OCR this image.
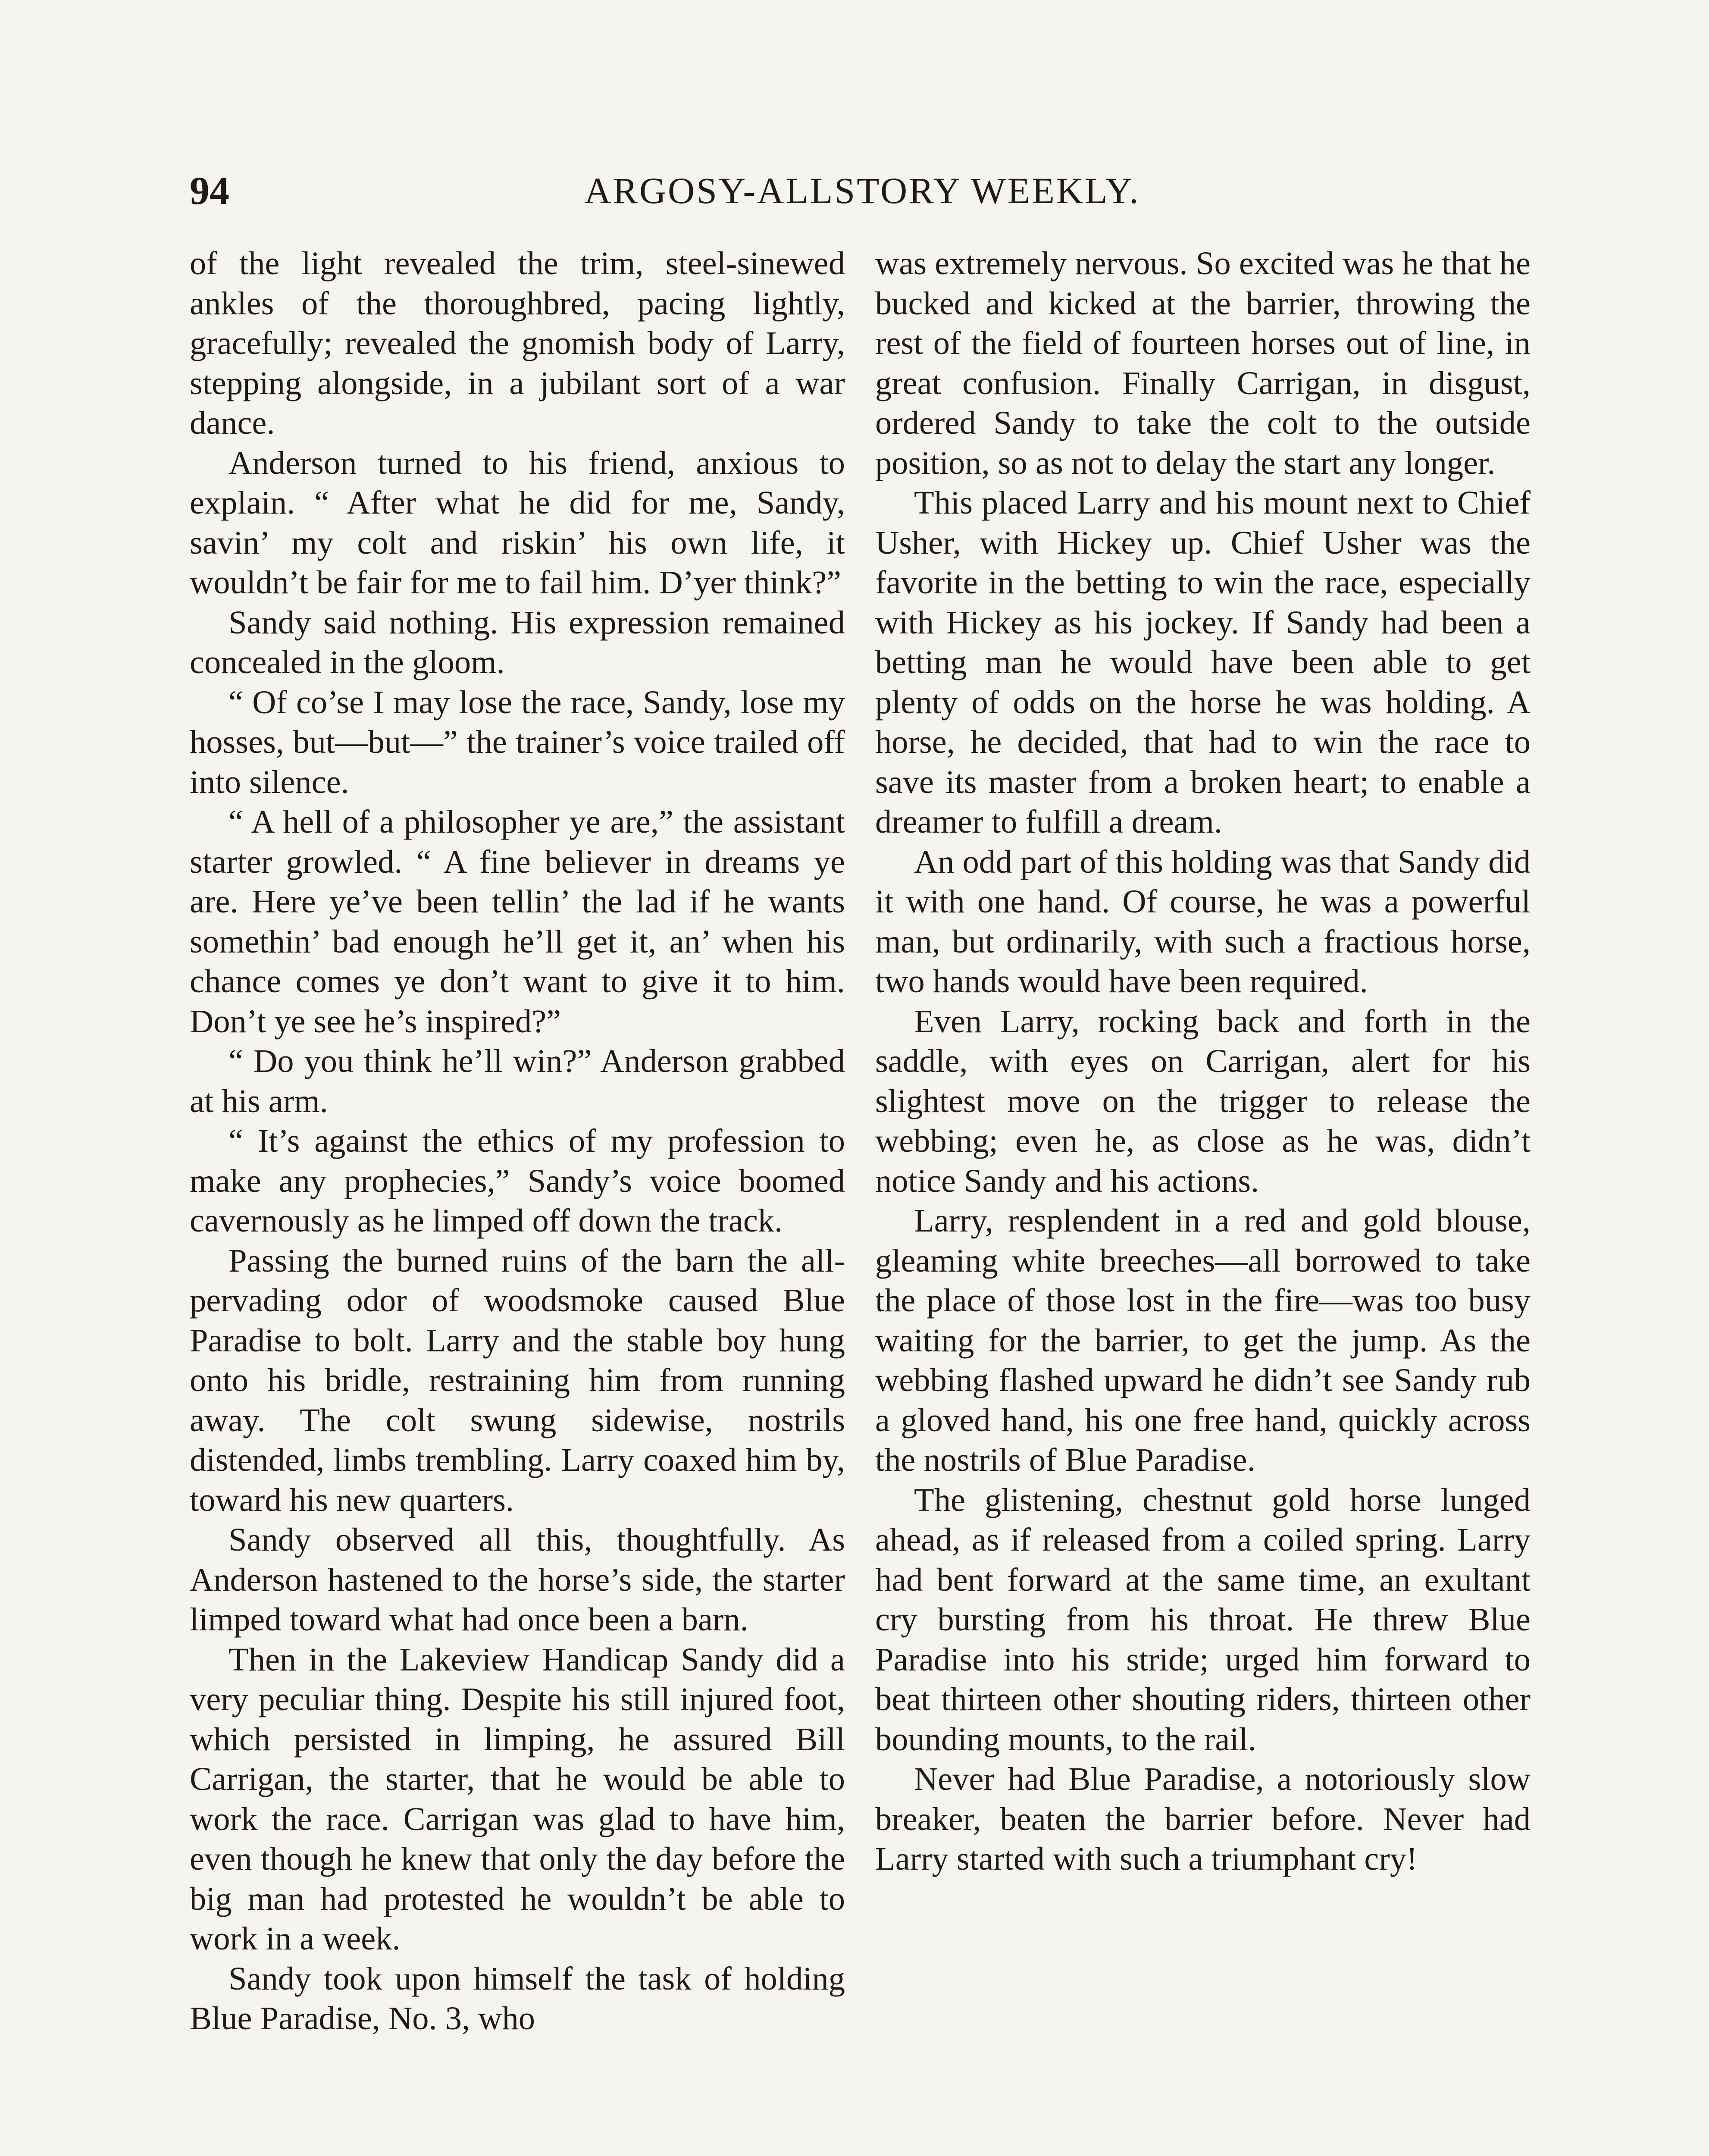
94	ARGOSY-ALLSTORY WEEKLY.

of the light revealed the trim, steel-sinewed ankles of the thoroughbred, pacing lightly, gracefully; revealed the gnomish body of Larry, stepping alongside, in a jubilant sort of a war dance.

Anderson turned to his friend, anxious to explain. “ After what he did for me, Sandy, savin’ my colt and riskin’ his own life, it wouldn’t be fair for me to fail him. D’yer think?”

Sandy said nothing. His expression remained concealed in the gloom.

“ Of co’se I may lose the race, Sandy, lose my hosses, but—but—” the trainer’s voice trailed off into silence.

“ A hell of a philosopher ye are,” the assistant starter growled. “ A fine believer in dreams ye are. Here ye’ve been tellin’ the lad if he wants somethin’ bad enough he’ll get it, an’ when his chance comes ye don’t want to give it to him. Don’t ye see he’s inspired?”

“ Do you think he’ll win?” Anderson grabbed at his arm.

“ It’s against the ethics of my profession to make any prophecies,” Sandy’s voice boomed cavernously as he limped off down the track.

Passing the burned ruins of the barn the all-pervading odor of woodsmoke caused Blue Paradise to bolt. Larry and the stable boy hung onto his bridle, restraining him from running away. The colt swung sidewise, nostrils distended, limbs trembling. Larry coaxed him by, toward his new quarters.

Sandy observed all this, thoughtfully. As Anderson hastened to the horse’s side, the starter limped toward what had once been a barn.

Then in the Lakeview Handicap Sandy did a very peculiar thing. Despite his still injured foot, which persisted in limping, he assured Bill Carrigan, the starter, that he would be able to work the race. Carrigan was glad to have him, even though he knew that only the day before the big man had protested he wouldn’t be able to work in a week.

Sandy took upon himself the task of holding Blue Paradise, No. 3, who

was extremely nervous. So excited was he that he bucked and kicked at the barrier, throwing the rest of the field of fourteen horses out of line, in great confusion. Finally Carrigan, in disgust, ordered Sandy to take the colt to the outside position, so as not to delay the start any longer.

This placed Larry and his mount next to Chief Usher, with Hickey up. Chief Usher was the favorite in the betting to win the race, especially with Hickey as his jockey. If Sandy had been a betting man he would have been able to get plenty of odds on the horse he was holding. A horse, he decided, that had to win the race to save its master from a broken heart; to enable a dreamer to fulfill a dream.

An odd part of this holding was that Sandy did it with one hand. Of course, he was a powerful man, but ordinarily, with such a fractious horse, two hands would have been required.

Even Larry, rocking back and forth in the saddle, with eyes on Carrigan, alert for his slightest move on the trigger to release the webbing; even he, as close as he was, didn’t notice Sandy and his actions.

Larry, resplendent in a red and gold blouse, gleaming white breeches—all borrowed to take the place of those lost in the fire—was too busy waiting for the barrier, to get the jump. As the webbing flashed upward he didn’t see Sandy rub a gloved hand, his one free hand, quickly across the nostrils of Blue Paradise.

The glistening, chestnut gold horse lunged ahead, as if released from a coiled spring. Larry had bent forward at the same time, an exultant cry bursting from his throat. He threw Blue Paradise into his stride; urged him forward to beat thirteen other shouting riders, thirteen other bounding mounts, to the rail.

Never had Blue Paradise, a notoriously slow breaker, beaten the barrier before. Never had Larry started with such a triumphant cry!
